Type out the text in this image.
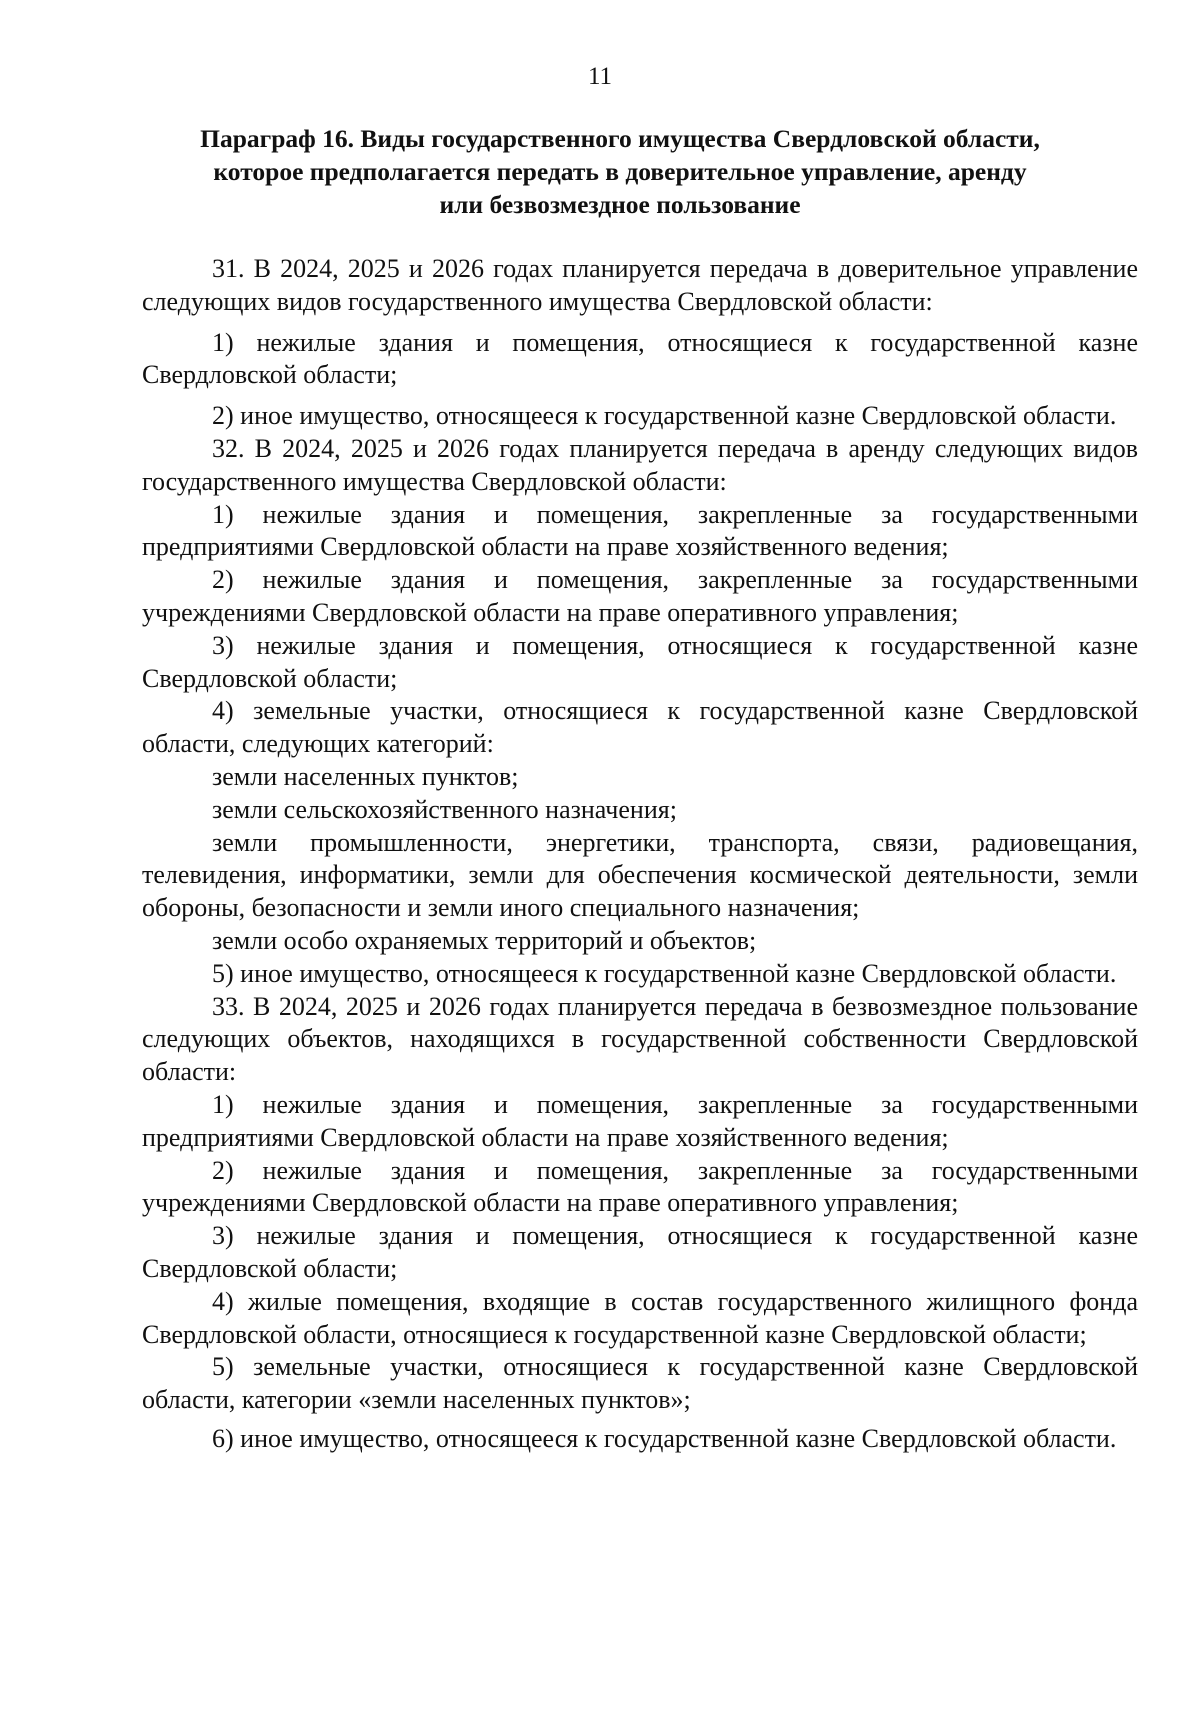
11
Параграф 16. Виды государственного имущества Свердловской области,
которое предполагается передать в доверительное управление, аренду
или безвозмездное пользование

31. В 2024, 2025 и 2026 годах планируется передача в доверительное управление следующих видов государственного имущества Свердловской области:

1) нежилые здания и помещения, относящиеся к государственной казне Свердловской области;

2) иное имущество, относящееся к государственной казне Свердловской области.

32. В 2024, 2025 и 2026 годах планируется передача в аренду следующих видов государственного имущества Свердловской области:

1) нежилые здания и помещения, закрепленные за государственными предприятиями Свердловской области на праве хозяйственного ведения;

2) нежилые здания и помещения, закрепленные за государственными учреждениями Свердловской области на праве оперативного управления;

3) нежилые здания и помещения, относящиеся к государственной казне Свердловской области;

4) земельные участки, относящиеся к государственной казне Свердловской области, следующих категорий:

земли населенных пунктов;

земли сельскохозяйственного назначения;

земли промышленности, энергетики, транспорта, связи, радиовещания, телевидения, информатики, земли для обеспечения космической деятельности, земли обороны, безопасности и земли иного специального назначения;

земли особо охраняемых территорий и объектов;

5) иное имущество, относящееся к государственной казне Свердловской области.

33. В 2024, 2025 и 2026 годах планируется передача в безвозмездное пользование следующих объектов, находящихся в государственной собственности Свердловской области:

1) нежилые здания и помещения, закрепленные за государственными предприятиями Свердловской области на праве хозяйственного ведения;

2) нежилые здания и помещения, закрепленные за государственными учреждениями Свердловской области на праве оперативного управления;

3) нежилые здания и помещения, относящиеся к государственной казне Свердловской области;

4) жилые помещения, входящие в состав государственного жилищного фонда Свердловской области, относящиеся к государственной казне Свердловской области;

5) земельные участки, относящиеся к государственной казне Свердловской области, категории «земли населенных пунктов»;

6) иное имущество, относящееся к государственной казне Свердловской области.
